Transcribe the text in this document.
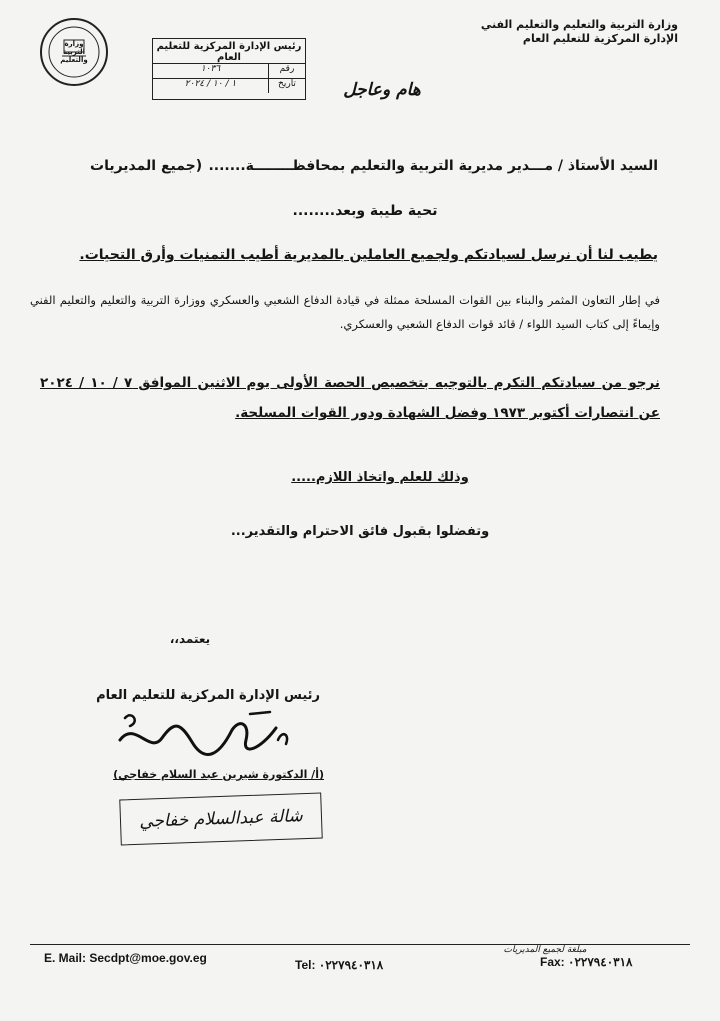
وزارة التربية والتعليم والتعليم الفني
الإدارة المركزية للتعليم العام
وزارة التربية والتعليم
رئيس الإدارة المركزية للتعليم العام
رقم
١٠٣٦
تاريخ
١ / ١٠ / ٢٠٢٤	هام وعاجل
السيد الأستاذ / مـــدير مديرية التربية والتعليم بمحافظــــــــة.......
(جميع المديريات
تحية طيبة وبعد........
يطيب لنا أن نرسل لسيادتكم ولجميع العاملين بالمديرية أطيب التمنيات وأرق التحيات.
في إطار التعاون المثمر والبناء بين القوات المسلحة ممثلة في قيادة الدفاع الشعبي والعسكري ووزارة التربية والتعليم والتعليم الفني وإيماءً إلى كتاب السيد اللواء / قائد قوات الدفاع الشعبي والعسكري.
نرجو من سيادتكم التكرم بالتوجيه بتخصيص الحصة الأولى يوم الاثنين الموافق ٧ / ١٠ / ٢٠٢٤ عن انتصارات أكتوبر ١٩٧٣ وفضل الشهادة ودور القوات المسلحة.
وذلك للعلم واتخاذ اللازم.....
وتفضلوا بقبول فائق الاحترام والتقدير...
يعتمد،،
رئيس الإدارة المركزية للتعليم العام
(أ/ الدكتورة شيرين عبد السلام خفاجي)
شالة عبدالسلام خفاجي
E. Mail: Secdpt@moe.gov.eg	Tel: ٠٢٢٧٩٤٠٣١٨
مبلغة لجميع المديريات
Fax: ٠٢٢٧٩٤٠٣١٨
